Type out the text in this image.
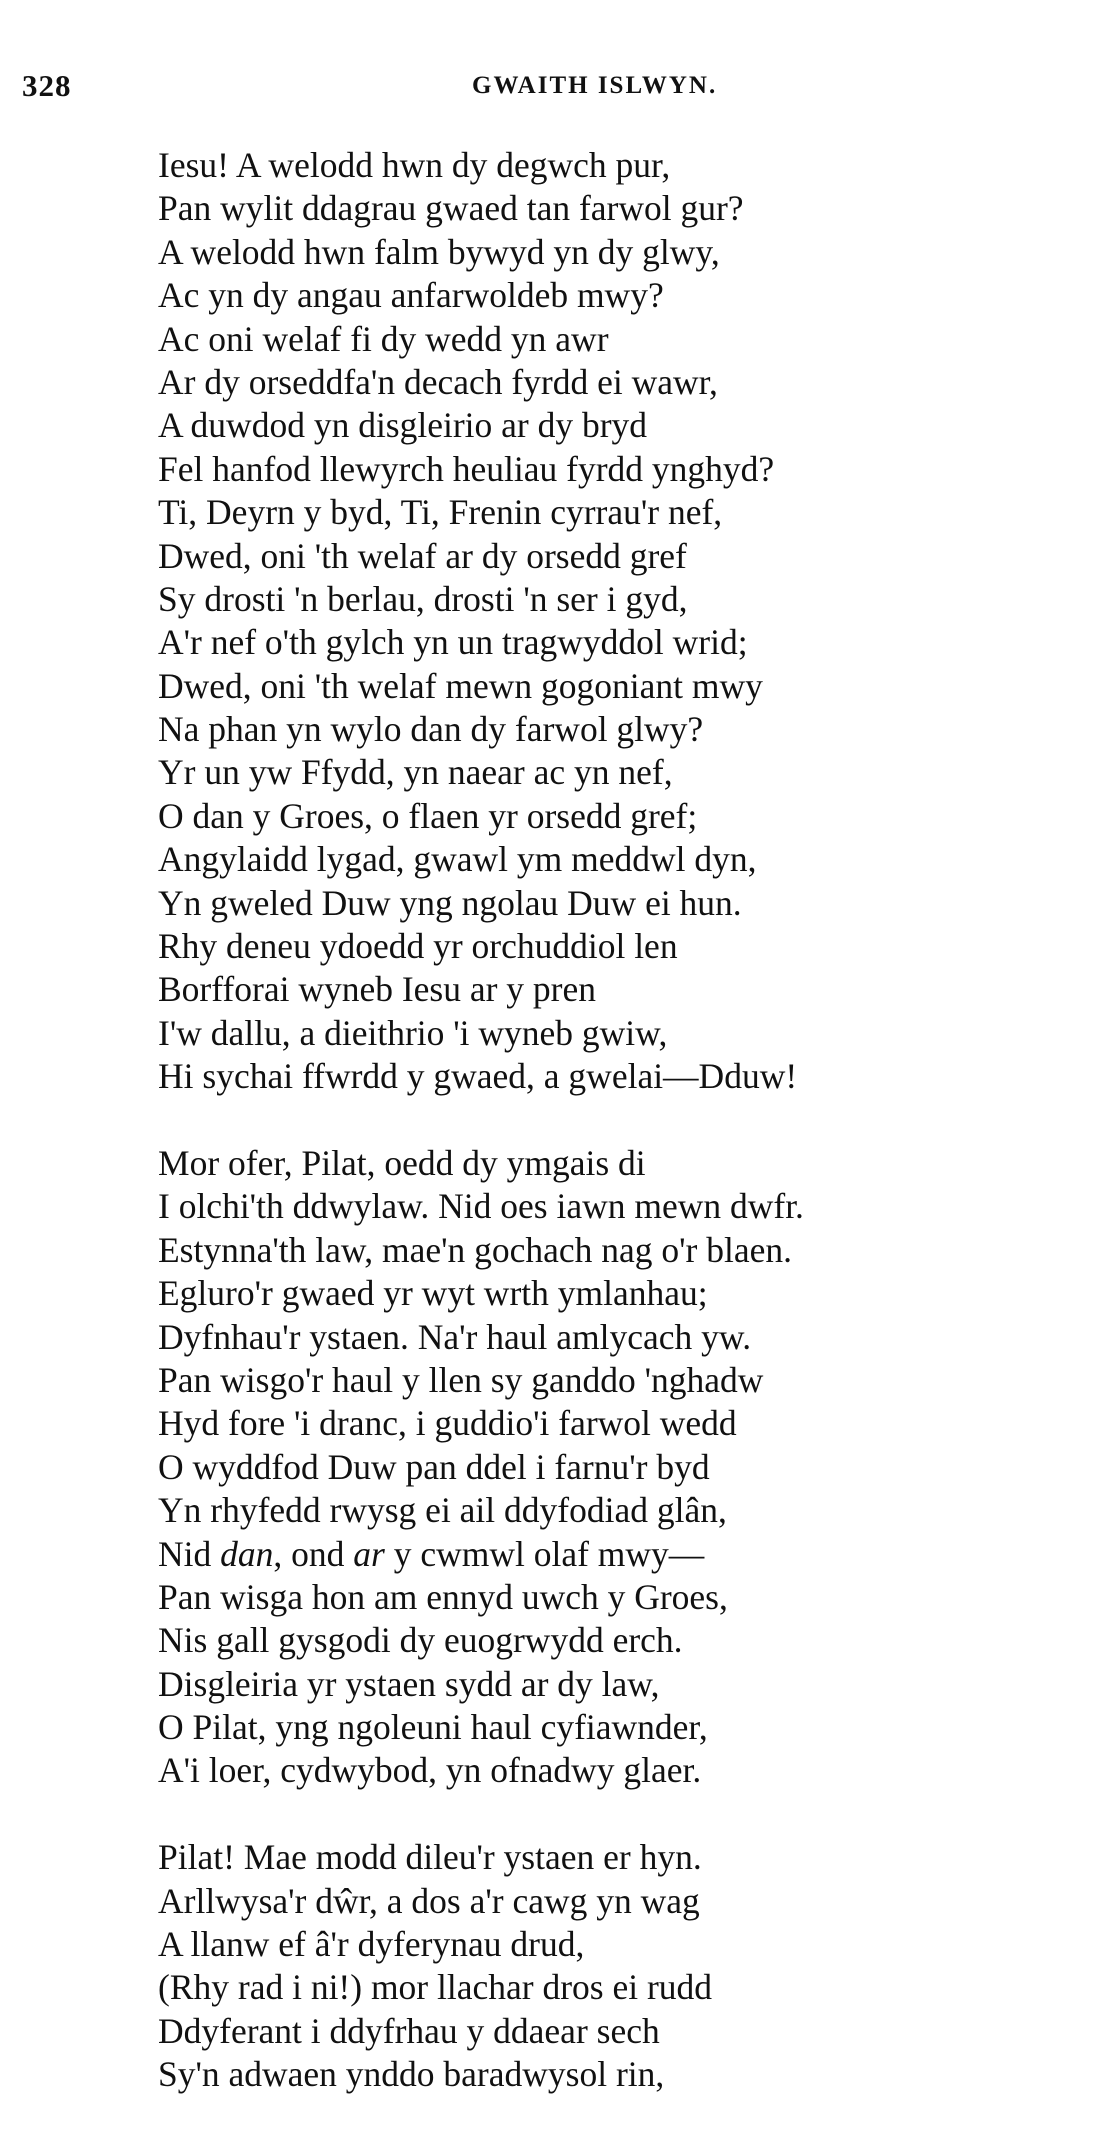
328	GWAITH ISLWYN.
Iesu! A welodd hwn dy degwch pur,
Pan wylit ddagrau gwaed tan farwol gur?
A welodd hwn falm bywyd yn dy glwy,
Ac yn dy angau anfarwoldeb mwy?
Ac oni welaf fi dy wedd yn awr
Ar dy orseddfa'n decach fyrdd ei wawr,
A duwdod yn disgleirio ar dy bryd
Fel hanfod llewyrch heuliau fyrdd ynghyd?
Ti, Deyrn y byd, Ti, Frenin cyrrau'r nef,
Dwed, oni 'th welaf ar dy orsedd gref
Sy drosti 'n berlau, drosti 'n ser i gyd,
A'r nef o'th gylch yn un tragwyddol wrid;
Dwed, oni 'th welaf mewn gogoniant mwy
Na phan yn wylo dan dy farwol glwy?
Yr un yw Ffydd, yn naear ac yn nef,
O dan y Groes, o flaen yr orsedd gref;
Angylaidd lygad, gwawl ym meddwl dyn,
Yn gweled Duw yng ngolau Duw ei hun.
Rhy deneu ydoedd yr orchuddiol len
Borfforai wyneb Iesu ar y pren
I'w dallu, a dieithrio 'i wyneb gwiw,
Hi sychai ffwrdd y gwaed, a gwelai—Dduw!
Mor ofer, Pilat, oedd dy ymgais di
I olchi'th ddwylaw. Nid oes iawn mewn dwfr.
Estynna'th law, mae'n gochach nag o'r blaen.
Egluro'r gwaed yr wyt wrth ymlanhau;
Dyfnhau'r ystaen. Na'r haul amlycach yw.
Pan wisgo'r haul y llen sy ganddo 'nghadw
Hyd fore 'i dranc, i guddio'i farwol wedd
O wyddfod Duw pan ddel i farnu'r byd
Yn rhyfedd rwysg ei ail ddyfodiad glân,
Nid dan, ond ar y cwmwl olaf mwy—
Pan wisga hon am ennyd uwch y Groes,
Nis gall gysgodi dy euogrwydd erch.
Disgleiria yr ystaen sydd ar dy law,
O Pilat, yng ngoleuni haul cyfiawnder,
A'i loer, cydwybod, yn ofnadwy glaer.
Pilat! Mae modd dileu'r ystaen er hyn.
Arllwysa'r dŵr, a dos a'r cawg yn wag
A llanw ef â'r dyferynau drud,
(Rhy rad i ni!) mor llachar dros ei rudd
Ddyferant i ddyfrhau y ddaear sech
Sy'n adwaen ynddo baradwysol rin,
